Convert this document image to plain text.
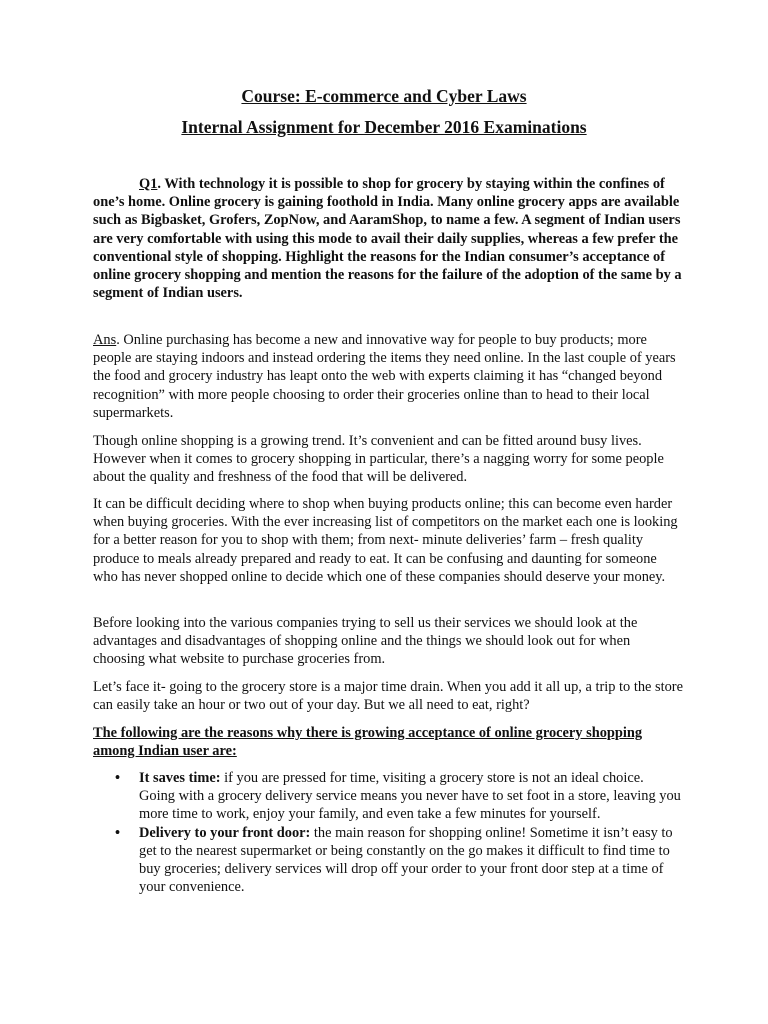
Course: E-commerce and Cyber Laws
Internal Assignment for December 2016 Examinations

Q1. With technology it is possible to shop for grocery by staying within the confines of one’s home. Online grocery is gaining foothold in India. Many online grocery apps are available such as Bigbasket, Grofers, ZopNow, and AaramShop, to name a few. A segment of Indian users are very comfortable with using this mode to avail their daily supplies, whereas a few prefer the conventional style of shopping. Highlight the reasons for the Indian consumer’s acceptance of online grocery shopping and mention the reasons for the failure of the adoption of the same by a segment of Indian users.

Ans. Online purchasing has become a new and innovative way for people to buy products; more people are staying indoors and instead ordering the items they need online. In the last couple of years the food and grocery industry has leapt onto the web with experts claiming it has “changed beyond recognition” with more people choosing to order their groceries online than to head to their local supermarkets.

Though online shopping is a growing trend. It’s convenient and can be fitted around busy lives. However when it comes to grocery shopping in particular, there’s a nagging worry for some people about the quality and freshness of the food that will be delivered.

It can be difficult deciding where to shop when buying products online; this can become even harder when buying groceries. With the ever increasing list of competitors on the market each one is looking for a better reason for you to shop with them; from next- minute deliveries’ farm – fresh quality produce to meals already prepared and ready to eat. It can be confusing and daunting for someone who has never shopped online to decide which one of these companies should deserve your money.

Before looking into the various companies trying to sell us their services we should look at the advantages and disadvantages of shopping online and the things we should look out for when choosing what website to purchase groceries from.

Let’s face it- going to the grocery store is a major time drain. When you add it all up, a trip to the store can easily take an hour or two out of your day. But we all need to eat, right?

The following are the reasons why there is growing acceptance of online grocery shopping among Indian user are:

• It saves time: if you are pressed for time, visiting a grocery store is not an ideal choice. Going with a grocery delivery service means you never have to set foot in a store, leaving you more time to work, enjoy your family, and even take a few minutes for yourself.
• Delivery to your front door: the main reason for shopping online! Sometime it isn’t easy to get to the nearest supermarket or being constantly on the go makes it difficult to find time to buy groceries; delivery services will drop off your order to your front door step at a time of your convenience.
